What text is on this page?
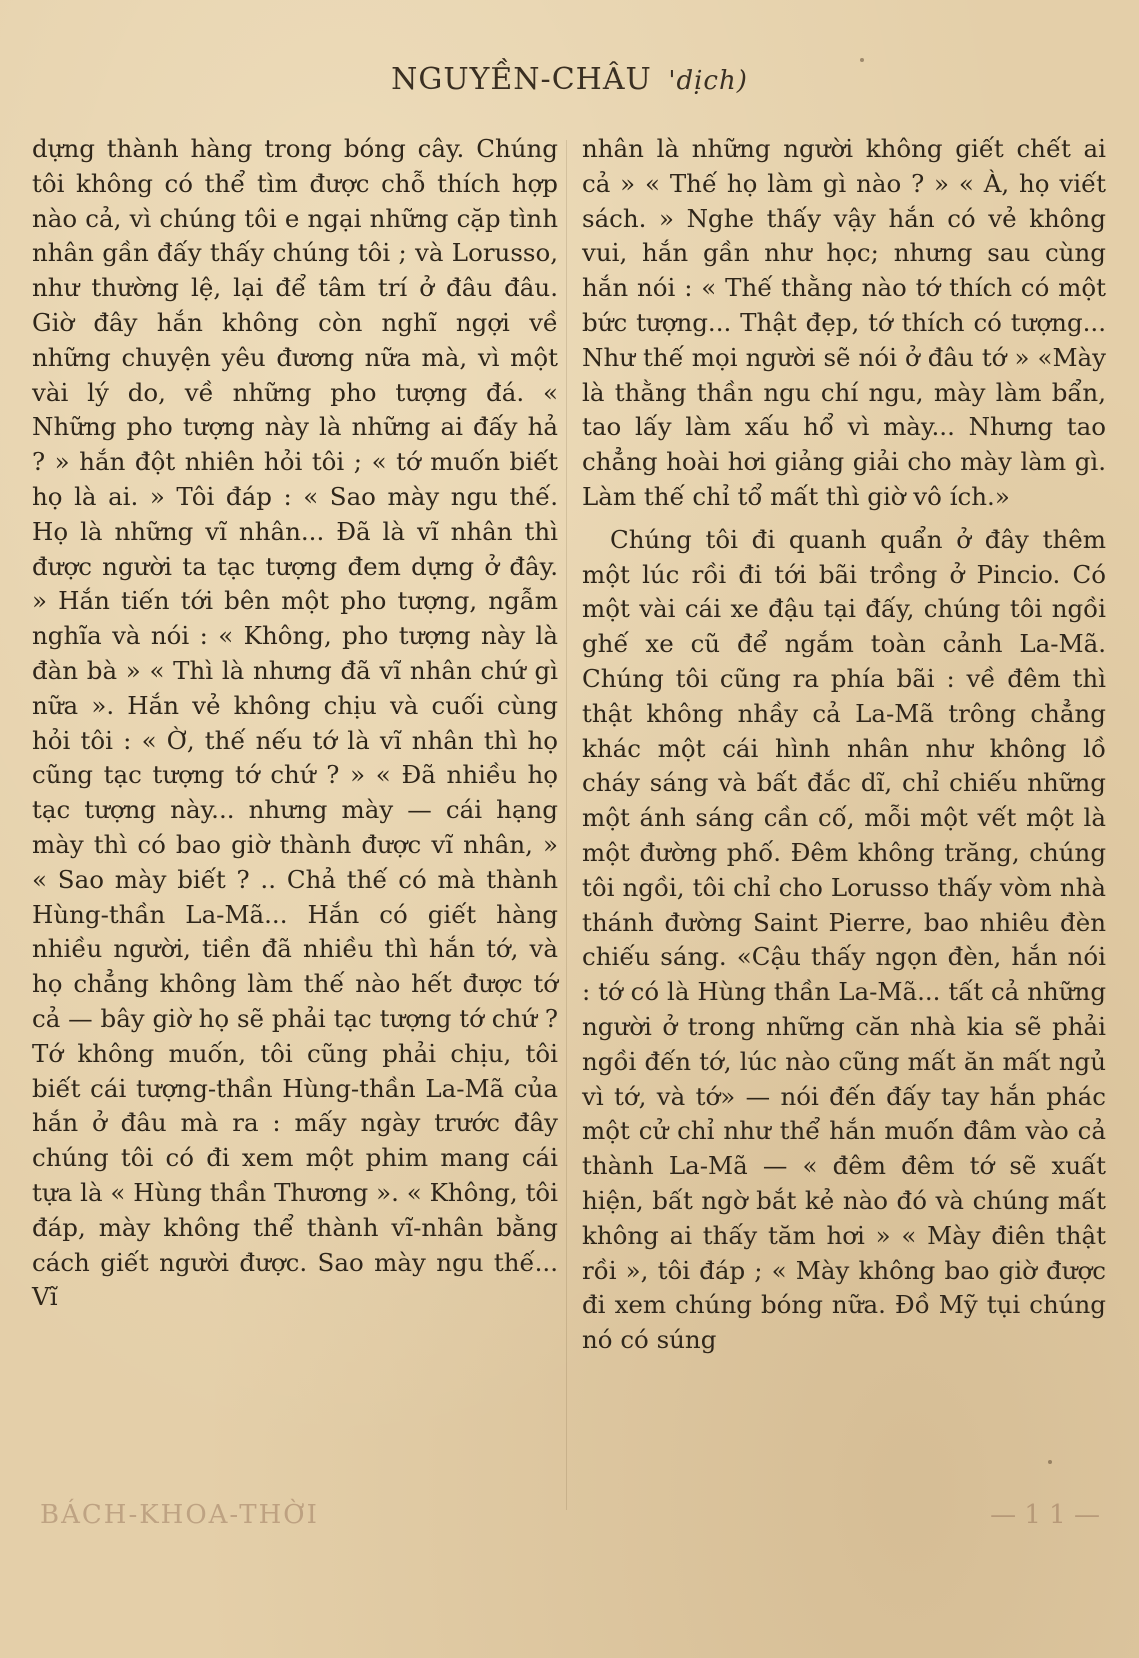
NGUYỀN-CHÂU 'dịch)

dựng thành hàng trong bóng cây. Chúng tôi không có thể tìm được chỗ thích hợp nào cả, vì chúng tôi e ngại những cặp tình nhân gần đấy thấy chúng tôi ; và Lorusso, như thường lệ, lại để tâm trí ở đâu đâu. Giờ đây hắn không còn nghĩ ngợi về những chuyện yêu đương nữa mà, vì một vài lý do, về những pho tượng đá. « Những pho tượng này là những ai đấy hả ? » hắn đột nhiên hỏi tôi ; « tớ muốn biết họ là ai. » Tôi đáp : « Sao mày ngu thế. Họ là những vĩ nhân... Đã là vĩ nhân thì được người ta tạc tượng đem dựng ở đây. » Hắn tiến tới bên một pho tượng, ngẫm nghĩa và nói : « Không, pho tượng này là đàn bà » « Thì là nhưng đã vĩ nhân chứ gì nữa ». Hắn vẻ không chịu và cuối cùng hỏi tôi : « Ờ, thế nếu tớ là vĩ nhân thì họ cũng tạc tượng tớ chứ ? » « Đã nhiều họ tạc tượng này... nhưng mày — cái hạng mày thì có bao giờ thành được vĩ nhân, » « Sao mày biết ? .. Chả thế có mà thành Hùng-thần La-Mã... Hắn có giết hàng nhiều người, tiền đã nhiều thì hắn tớ, và họ chẳng không làm thế nào hết được tớ cả — bây giờ họ sẽ phải tạc tượng tớ chứ ? Tớ không muốn, tôi cũng phải chịu, tôi biết cái tượng-thần Hùng-thần La-Mã của hắn ở đâu mà ra : mấy ngày trước đây chúng tôi có đi xem một phim mang cái tựa là « Hùng thần Thương ». « Không, tôi đáp, mày không thể thành vĩ-nhân bằng cách giết người được. Sao mày ngu thế... Vĩ

nhân là những người không giết chết ai cả » « Thế họ làm gì nào ? » « À, họ viết sách. » Nghe thấy vậy hắn có vẻ không vui, hắn gần như học; nhưng sau cùng hắn nói : « Thế thằng nào tớ thích có một bức tượng... Thật đẹp, tớ thích có tượng... Như thế mọi người sẽ nói ở đâu tớ » «Mày là thằng thần ngu chí ngu, mày làm bẩn, tao lấy làm xấu hổ vì mày... Nhưng tao chẳng hoài hơi giảng giải cho mày làm gì. Làm thế chỉ tổ mất thì giờ vô ích.»

Chúng tôi đi quanh quẩn ở đây thêm một lúc rồi đi tới bãi trồng ở Pincio. Có một vài cái xe đậu tại đấy, chúng tôi ngồi ghế xe cũ để ngắm toàn cảnh La-Mã. Chúng tôi cũng ra phía bãi : về đêm thì thật không nhầy cả La-Mã trông chẳng khác một cái hình nhân như không lồ cháy sáng và bất đắc dĩ, chỉ chiếu những một ánh sáng cần cố, mỗi một vết một là một đường phố. Đêm không trăng, chúng tôi ngồi, tôi chỉ cho Lorusso thấy vòm nhà thánh đường Saint Pierre, bao nhiêu đèn chiếu sáng. «Cậu thấy ngọn đèn, hắn nói : tớ có là Hùng thần La-Mã... tất cả những người ở trong những căn nhà kia sẽ phải ngồi đến tớ, lúc nào cũng mất ăn mất ngủ vì tớ, và tớ» — nói đến đấy tay hắn phác một cử chỉ như thể hắn muốn đâm vào cả thành La-Mã — « đêm đêm tớ sẽ xuất hiện, bất ngờ bắt kẻ nào đó và chúng mất không ai thấy tăm hơi » « Mày điên thật rồi », tôi đáp ; « Mày không bao giờ được đi xem chúng bóng nữa. Đồ Mỹ tụi chúng nó có súng

BÁCH-KHOA-THỜI	— 1 1 —
